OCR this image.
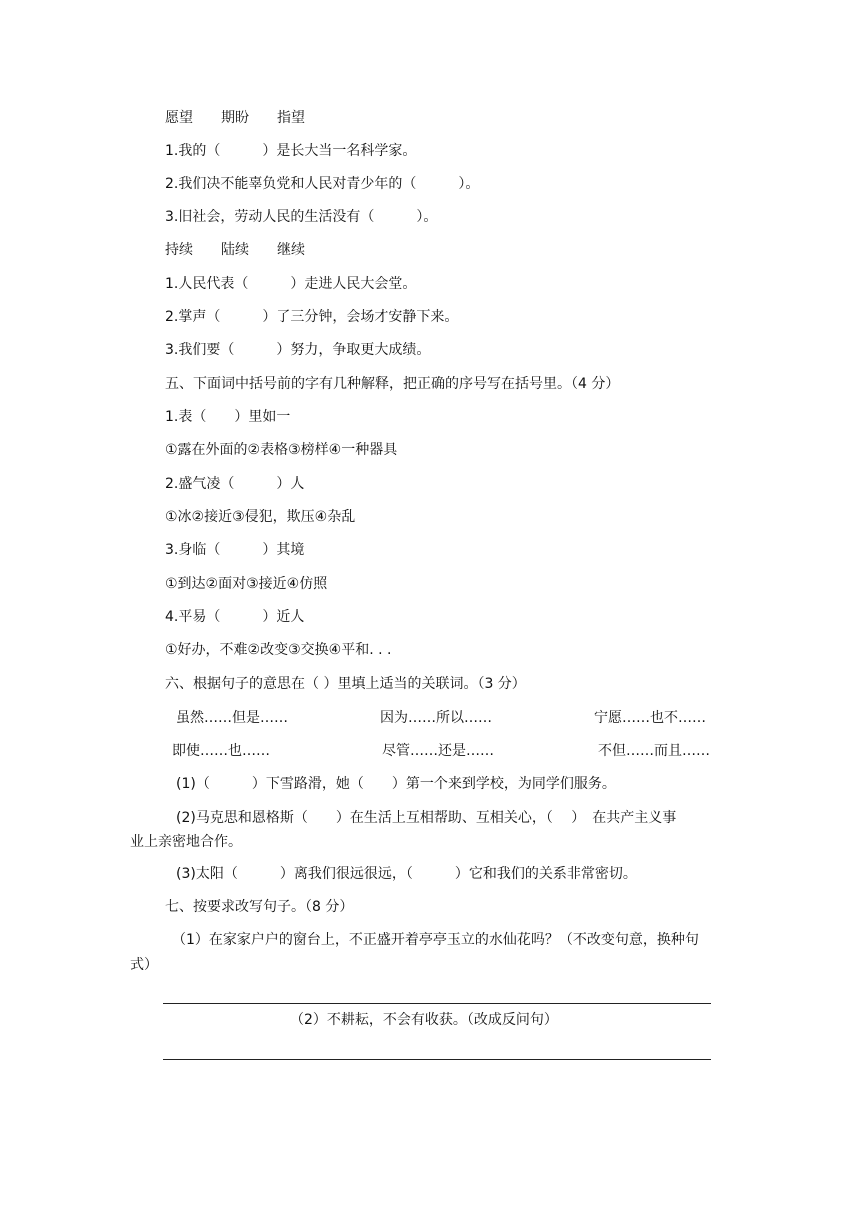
愿望　　期盼　　指望
1.我的（　　　）是长大当一名科学家。
2.我们决不能辜负党和人民对青少年的（　　　）。
3.旧社会，劳动人民的生活没有（　　　）。
持续　　陆续　　继续
1.人民代表（　　　）走进人民大会堂。
2.掌声（　　　）了三分钟，会场才安静下来。
3.我们要（　　　）努力，争取更大成绩。
五、下面词中括号前的字有几种解释，把正确的序号写在括号里。（4 分）
1.表（　　）里如一
①露在外面的②表格③榜样④一种器具
2.盛气凌（　　　）人
①冰②接近③侵犯，欺压④杂乱
3.身临（　　　）其境
①到达②面对③接近④仿照
4.平易（　　　）近人
①好办，不难②改变③交换④平和. . .
六、根据句子的意思在（ ）里填上适当的关联词。（3 分）
虽然……但是……	因为……所以……	宁愿……也不……
即使……也……	尽管……还是……	不但……而且……
(1)（　　　）下雪路滑，她（　　）第一个来到学校，为同学们服务。
(2)马克思和恩格斯（　　）在生活上互相帮助、互相关心，（　 ）　在共产主义事
业上亲密地合作。
(3)太阳（　　　）离我们很远很远，（　　　）它和我们的关系非常密切。
七、按要求改写句子。（8 分）
（1）在家家户户的窗台上，不正盛开着亭亭玉立的水仙花吗？（不改变句意，换种句
式）
（2）不耕耘，不会有收获。（改成反问句）
